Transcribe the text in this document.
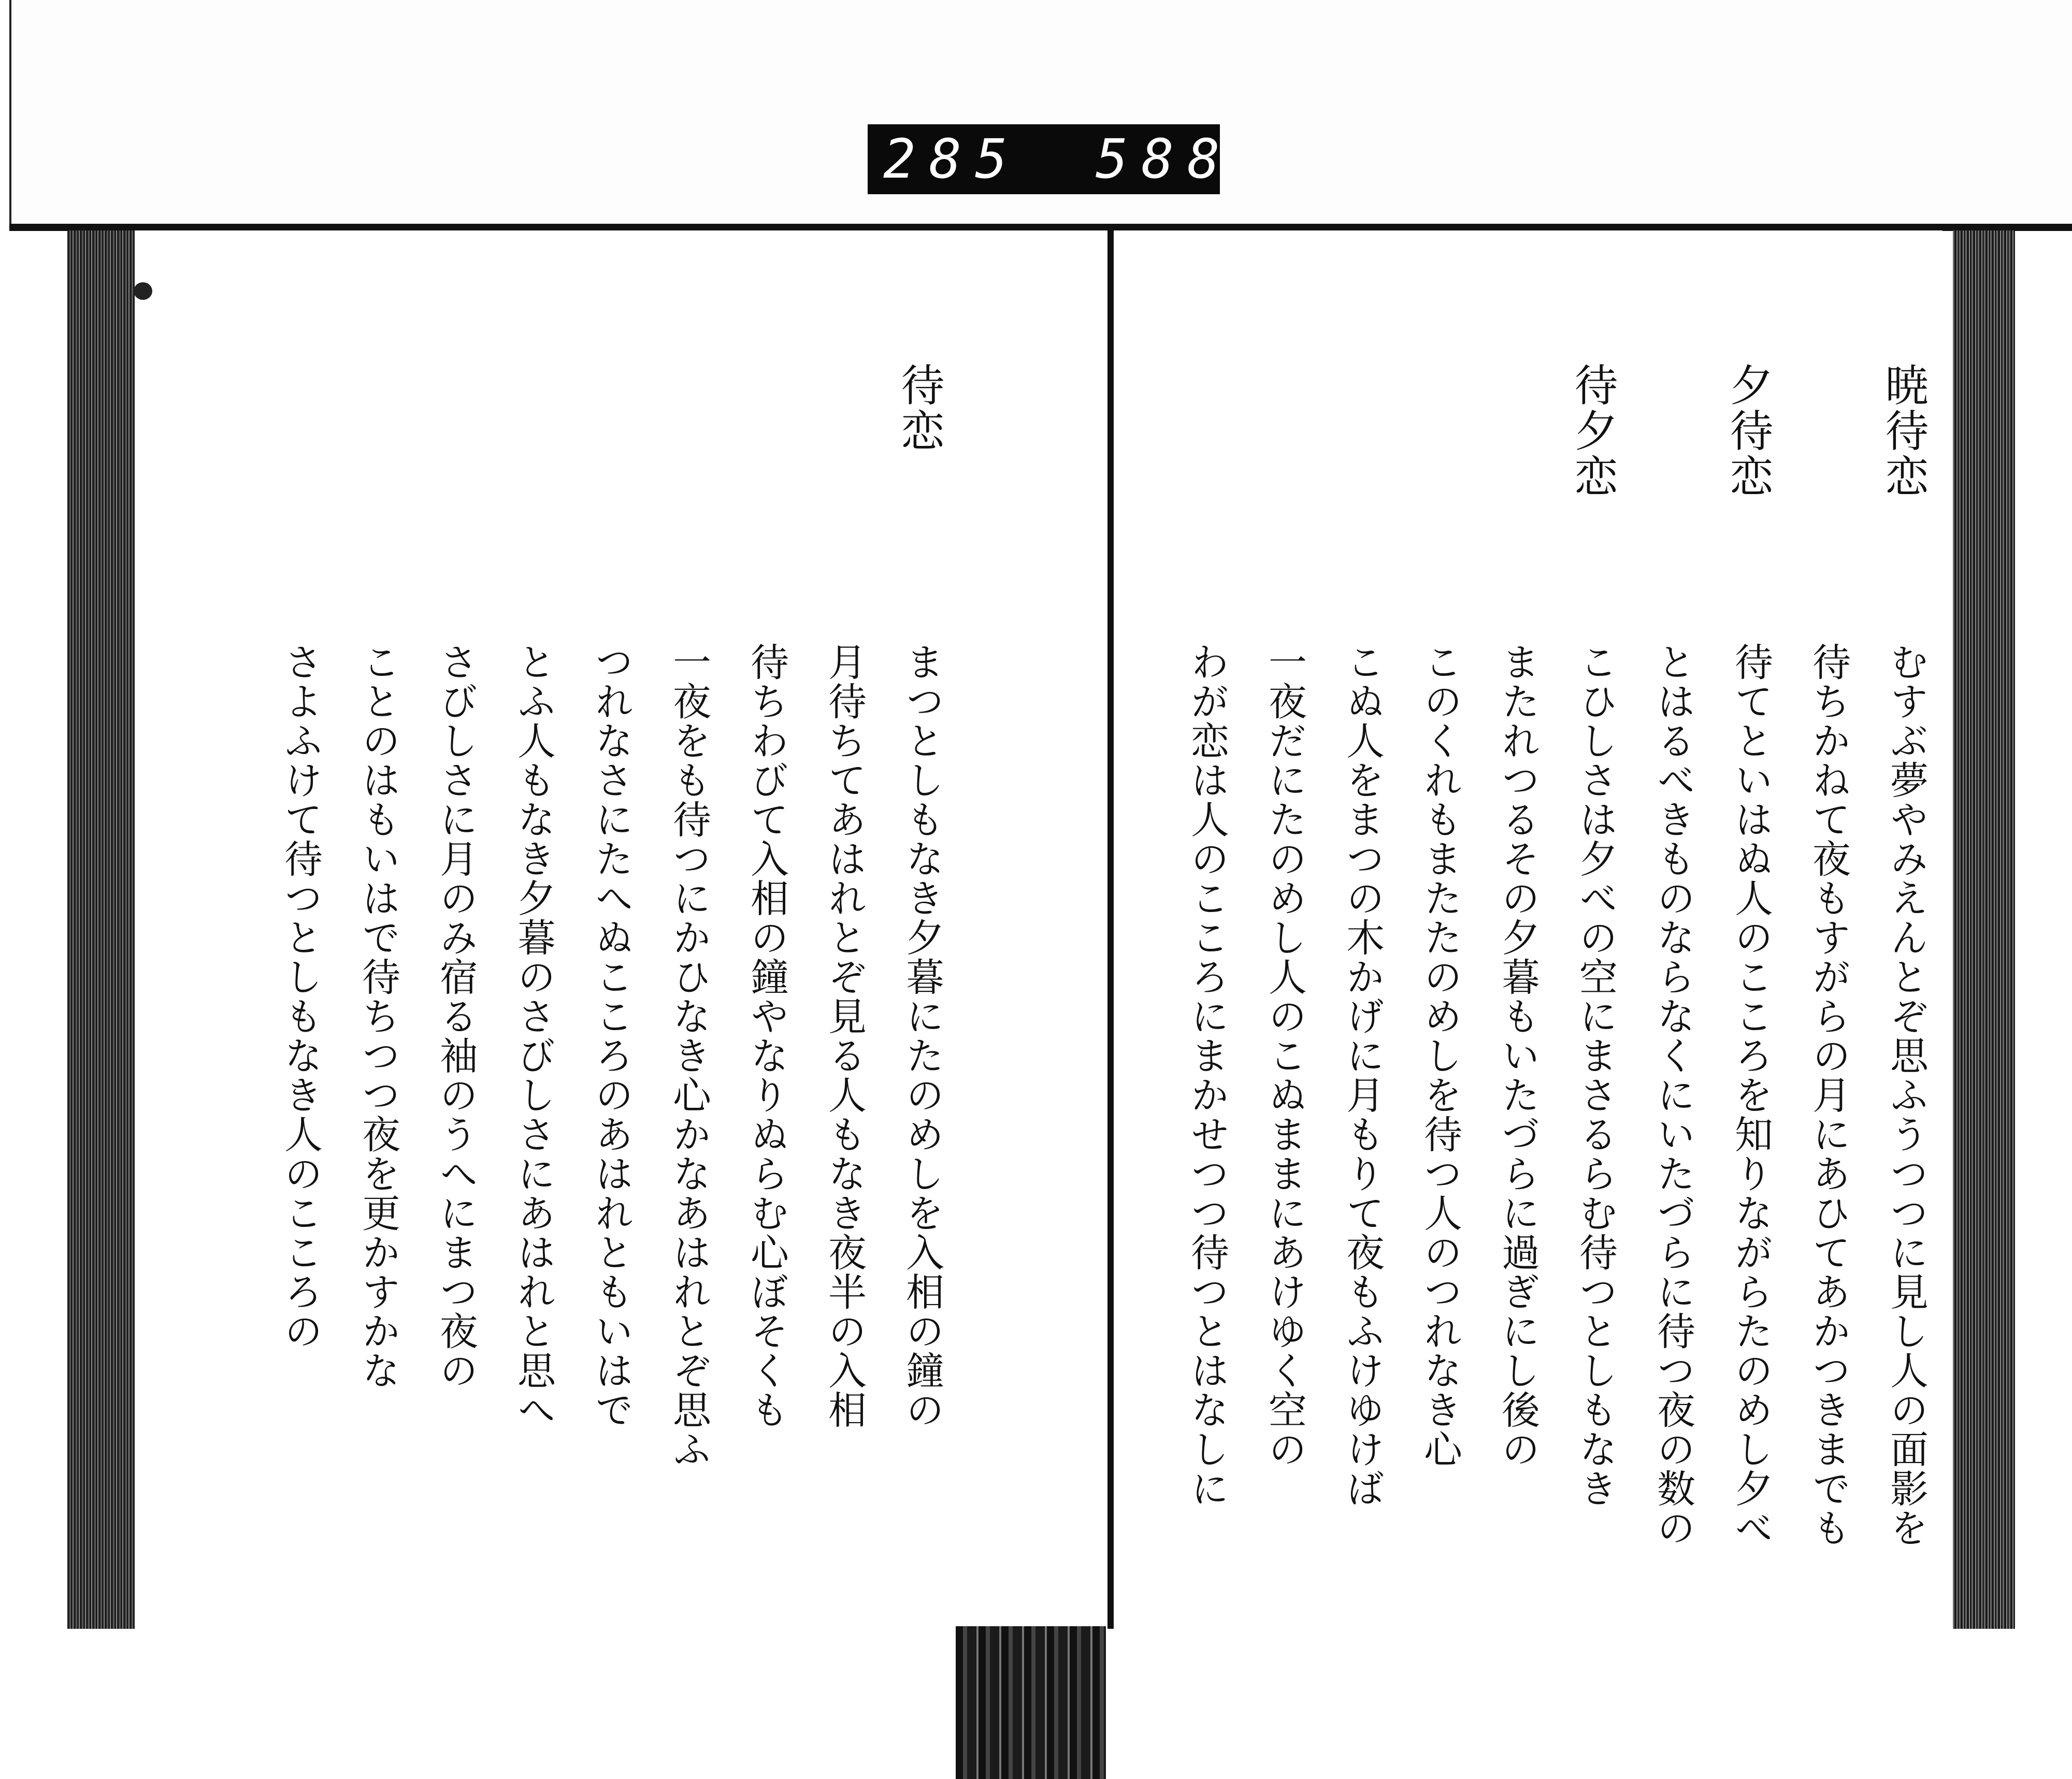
285 588
暁待恋
むすぶ夢やみえんとぞ思ふうつつに見し人の面影を
待ちかねて夜もすがらの月にあひてあかつきまでも
夕待恋
待てといはぬ人のこころを知りながらたのめし夕べ
とはるべきものならなくにいたづらに待つ夜の数の
待夕恋
こひしさは夕べの空にまさるらむ待つとしもなき
またれつるその夕暮もいたづらに過ぎにし後の
このくれもまたたのめしを待つ人のつれなき心
こぬ人をまつの木かげに月もりて夜もふけゆけば
一夜だにたのめし人のこぬままにあけゆく空の
わが恋は人のこころにまかせつつ待つとはなしに
待恋
まつとしもなき夕暮にたのめしを入相の鐘の
月待ちてあはれとぞ見る人もなき夜半の入相
待ちわびて入相の鐘やなりぬらむ心ぼそくも
一夜をも待つにかひなき心かなあはれとぞ思ふ
つれなさにたへぬこころのあはれともいはで
とふ人もなき夕暮のさびしさにあはれと思へ
さびしさに月のみ宿る袖のうへにまつ夜の
ことのはもいはで待ちつつ夜を更かすかな
さよふけて待つとしもなき人のこころの
